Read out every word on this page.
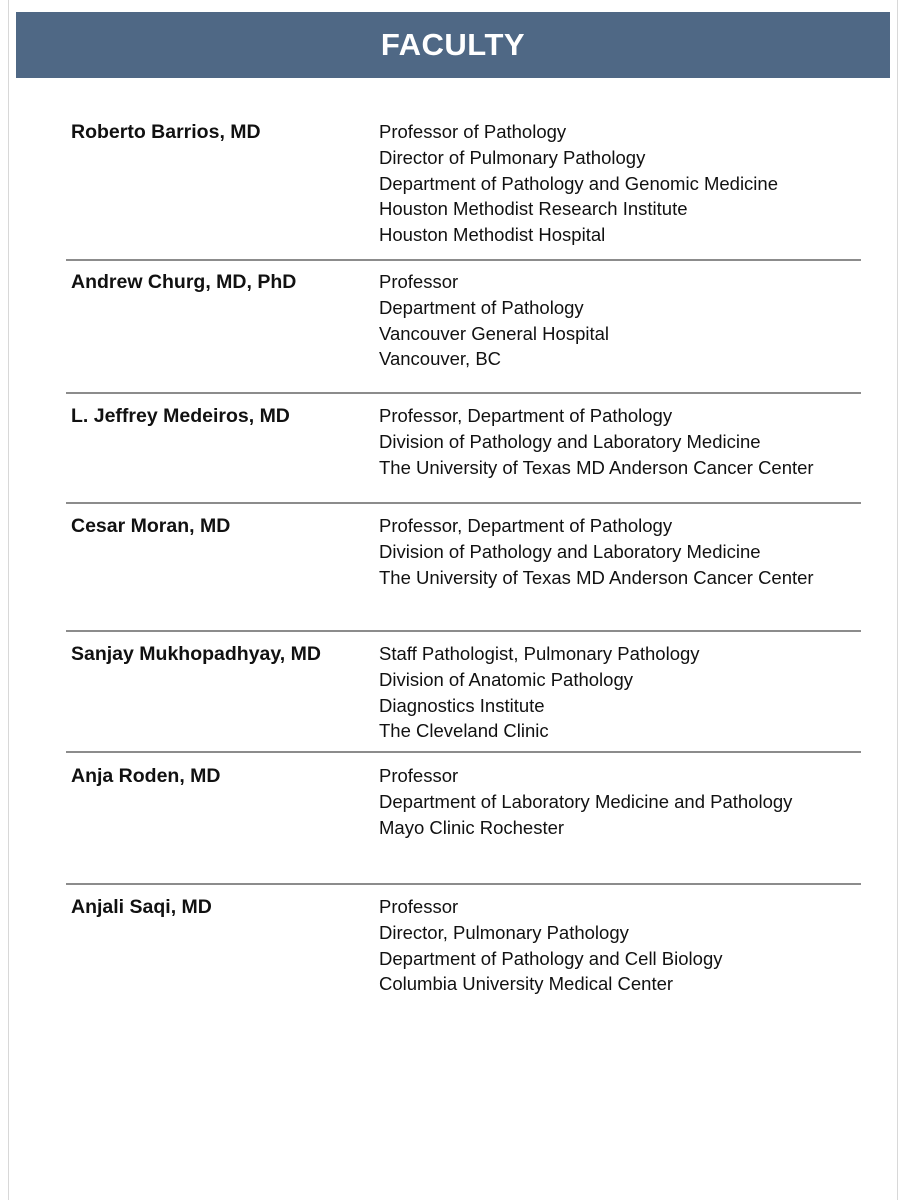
FACULTY
Roberto Barrios, MD	Professor of Pathology
Director of Pulmonary Pathology
Department of Pathology and Genomic Medicine
Houston Methodist Research Institute
Houston Methodist Hospital
Andrew Churg, MD, PhD	Professor
Department of Pathology
Vancouver General Hospital
Vancouver, BC
L. Jeffrey Medeiros, MD	Professor, Department of Pathology
Division of Pathology and Laboratory Medicine
The University of Texas MD Anderson Cancer Center
Cesar Moran, MD	Professor, Department of Pathology
Division of Pathology and Laboratory Medicine
The University of Texas MD Anderson Cancer Center
Sanjay Mukhopadhyay, MD	Staff Pathologist, Pulmonary Pathology
Division of Anatomic Pathology
Diagnostics Institute
The Cleveland Clinic
Anja Roden, MD	Professor
Department of Laboratory Medicine and Pathology
Mayo Clinic Rochester
Anjali Saqi, MD	Professor
Director, Pulmonary Pathology
Department of Pathology and Cell Biology
Columbia University Medical Center
